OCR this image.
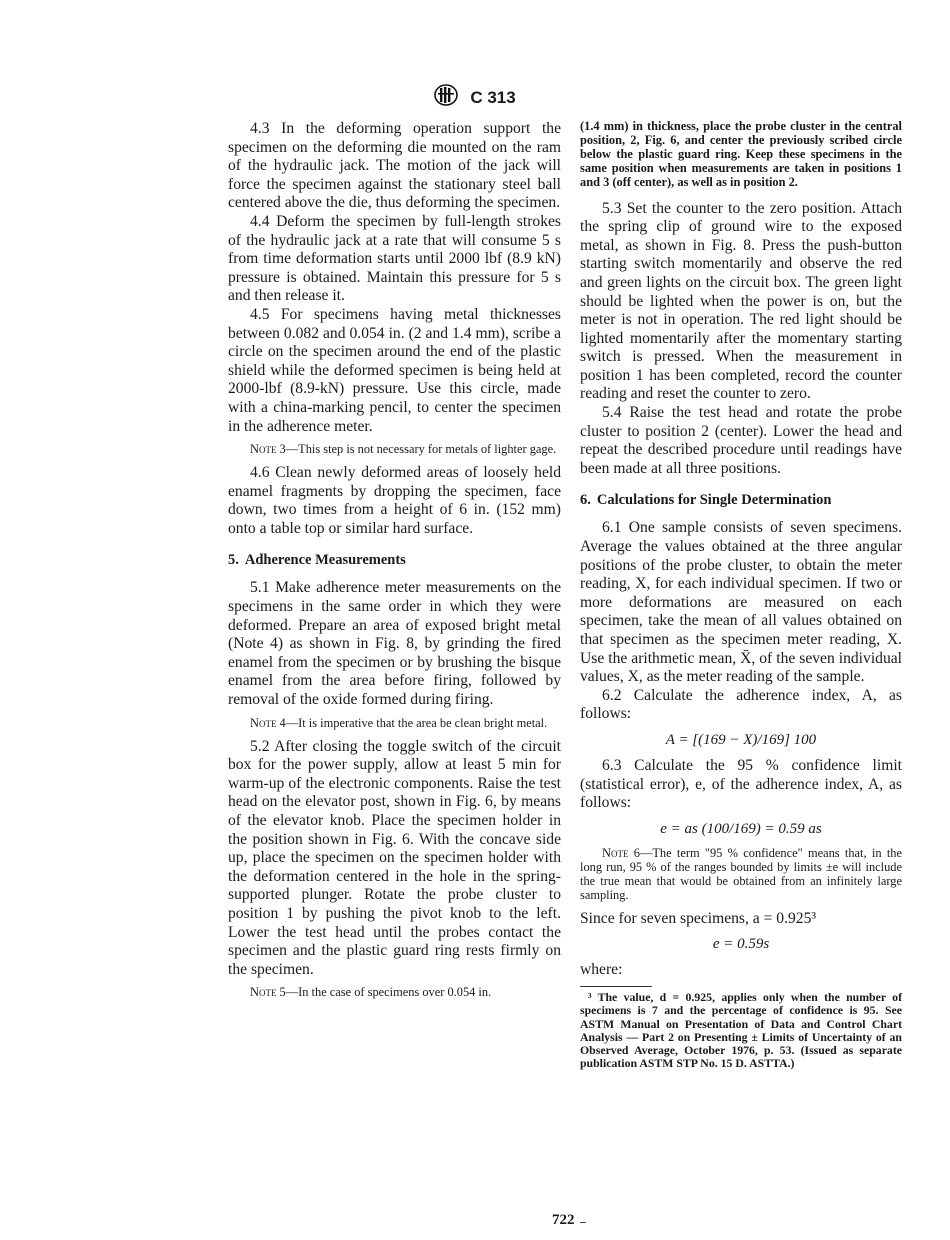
C 313

4.3 In the deforming operation support the specimen on the deforming die mounted on the ram of the hydraulic jack. The motion of the jack will force the specimen against the stationary steel ball centered above the die, thus deforming the specimen.

4.4 Deform the specimen by full-length strokes of the hydraulic jack at a rate that will consume 5 s from time deformation starts until 2000 lbf (8.9 kN) pressure is obtained. Maintain this pressure for 5 s and then release it.

4.5 For specimens having metal thicknesses between 0.082 and 0.054 in. (2 and 1.4 mm), scribe a circle on the specimen around the end of the plastic shield while the deformed specimen is being held at 2000-lbf (8.9-kN) pressure. Use this circle, made with a china-marking pencil, to center the specimen in the adherence meter.

Note 3—This step is not necessary for metals of lighter gage.

4.6 Clean newly deformed areas of loosely held enamel fragments by dropping the specimen, face down, two times from a height of 6 in. (152 mm) onto a table top or similar hard surface.

5. Adherence Measurements

5.1 Make adherence meter measurements on the specimens in the same order in which they were deformed. Prepare an area of exposed bright metal (Note 4) as shown in Fig. 8, by grinding the fired enamel from the specimen or by brushing the bisque enamel from the area before firing, followed by removal of the oxide formed during firing.

Note 4—It is imperative that the area be clean bright metal.

5.2 After closing the toggle switch of the circuit box for the power supply, allow at least 5 min for warm-up of the electronic components. Raise the test head on the elevator post, shown in Fig. 6, by means of the elevator knob. Place the specimen holder in the position shown in Fig. 6. With the concave side up, place the specimen on the specimen holder with the deformation centered in the hole in the spring-supported plunger. Rotate the probe cluster to position 1 by pushing the pivot knob to the left. Lower the test head until the probes contact the specimen and the plastic guard ring rests firmly on the specimen.

Note 5—In the case of specimens over 0.054 in.

(1.4 mm) in thickness, place the probe cluster in the central position, 2, Fig. 6, and center the previously scribed circle below the plastic guard ring. Keep these specimens in the same position when measurements are taken in positions 1 and 3 (off center), as well as in position 2.

5.3 Set the counter to the zero position. Attach the spring clip of ground wire to the exposed metal, as shown in Fig. 8. Press the push-button starting switch momentarily and observe the red and green lights on the circuit box. The green light should be lighted when the power is on, but the meter is not in operation. The red light should be lighted momentarily after the momentary starting switch is pressed. When the measurement in position 1 has been completed, record the counter reading and reset the counter to zero.

5.4 Raise the test head and rotate the probe cluster to position 2 (center). Lower the head and repeat the described procedure until readings have been made at all three positions.

6. Calculations for Single Determination

6.1 One sample consists of seven specimens. Average the values obtained at the three angular positions of the probe cluster, to obtain the meter reading, X, for each individual specimen. If two or more deformations are measured on each specimen, take the mean of all values obtained on that specimen as the specimen meter reading, X. Use the arithmetic mean, X̄, of the seven individual values, X, as the meter reading of the sample.

6.2 Calculate the adherence index, A, as follows:

A = [(169 − X)/169] 100

6.3 Calculate the 95 % confidence limit (statistical error), e, of the adherence index, A, as follows:

e = as (100/169) = 0.59 as

Note 6—The term "95 % confidence" means that, in the long run, 95 % of the ranges bounded by limits ±e will include the true mean that would be obtained from an infinitely large sampling.

Since for seven specimens, a = 0.925³

e = 0.59s

where:

³ The value, d = 0.925, applies only when the number of specimens is 7 and the percentage of confidence is 95. See ASTM Manual on Presentation of Data and Control Chart Analysis — Part 2 on Presenting ± Limits of Uncertainty of an Observed Average, October 1976, p. 53. (Issued as separate publication ASTM STP No. 15 D. ASTTA.)

722
